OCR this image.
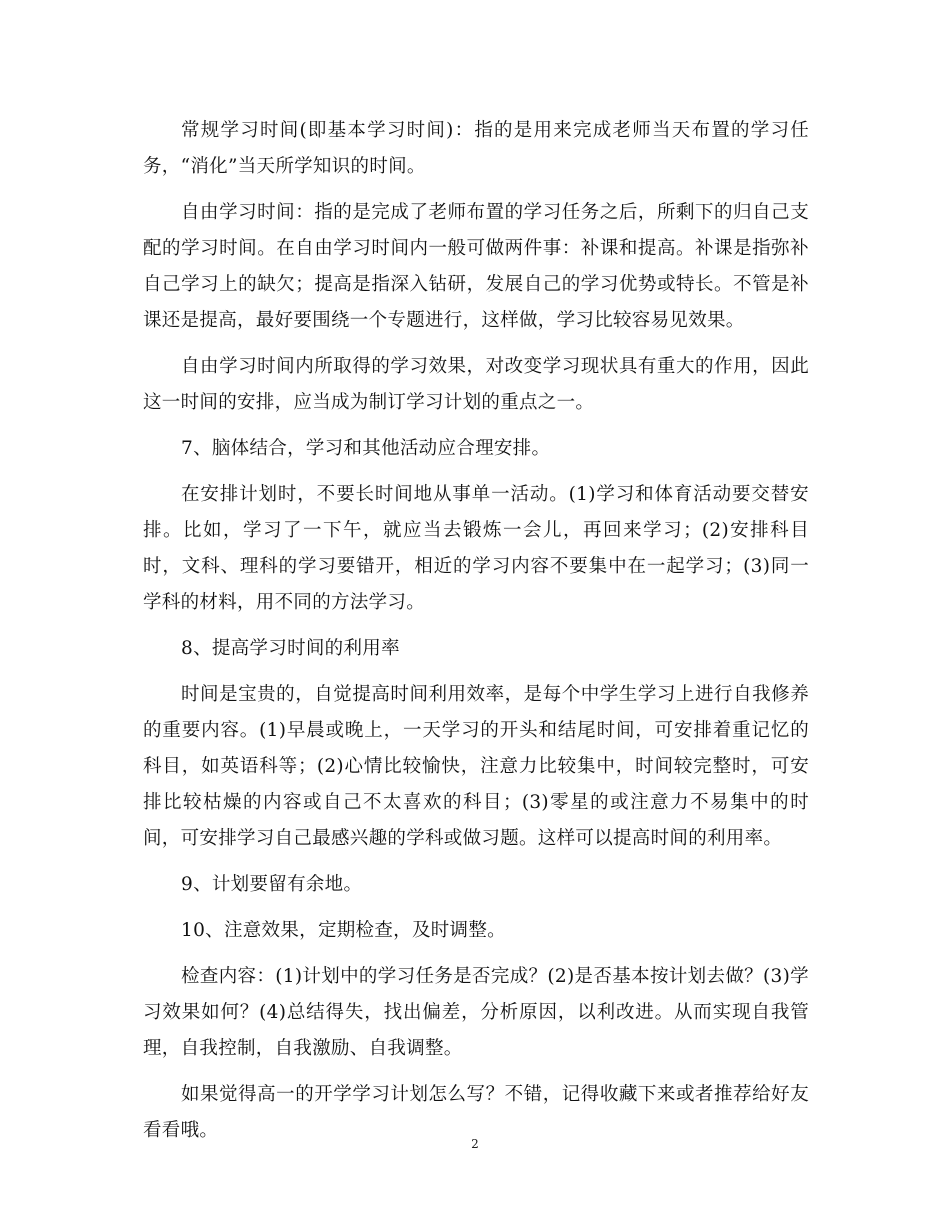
常规学习时间(即基本学习时间)：指的是用来完成老师当天布置的学习任务，“消化”当天所学知识的时间。

自由学习时间：指的是完成了老师布置的学习任务之后，所剩下的归自己支配的学习时间。在自由学习时间内一般可做两件事：补课和提高。补课是指弥补自己学习上的缺欠；提高是指深入钻研，发展自己的学习优势或特长。不管是补课还是提高，最好要围绕一个专题进行，这样做，学习比较容易见效果。

自由学习时间内所取得的学习效果，对改变学习现状具有重大的作用，因此这一时间的安排，应当成为制订学习计划的重点之一。

7、脑体结合，学习和其他活动应合理安排。

在安排计划时，不要长时间地从事单一活动。(1)学习和体育活动要交替安排。比如，学习了一下午，就应当去锻炼一会儿，再回来学习；(2)安排科目时，文科、理科的学习要错开，相近的学习内容不要集中在一起学习；(3)同一学科的材料，用不同的方法学习。

8、提高学习时间的利用率

时间是宝贵的，自觉提高时间利用效率，是每个中学生学习上进行自我修养的重要内容。(1)早晨或晚上，一天学习的开头和结尾时间，可安排着重记忆的科目，如英语科等；(2)心情比较愉快，注意力比较集中，时间较完整时，可安排比较枯燥的内容或自己不太喜欢的科目；(3)零星的或注意力不易集中的时间，可安排学习自己最感兴趣的学科或做习题。这样可以提高时间的利用率。

9、计划要留有余地。

10、注意效果，定期检查，及时调整。

检查内容：(1)计划中的学习任务是否完成？(2)是否基本按计划去做？(3)学习效果如何？(4)总结得失，找出偏差，分析原因，以利改进。从而实现自我管理，自我控制，自我激励、自我调整。

如果觉得高一的开学学习计划怎么写？不错，记得收藏下来或者推荐给好友看看哦。

2
